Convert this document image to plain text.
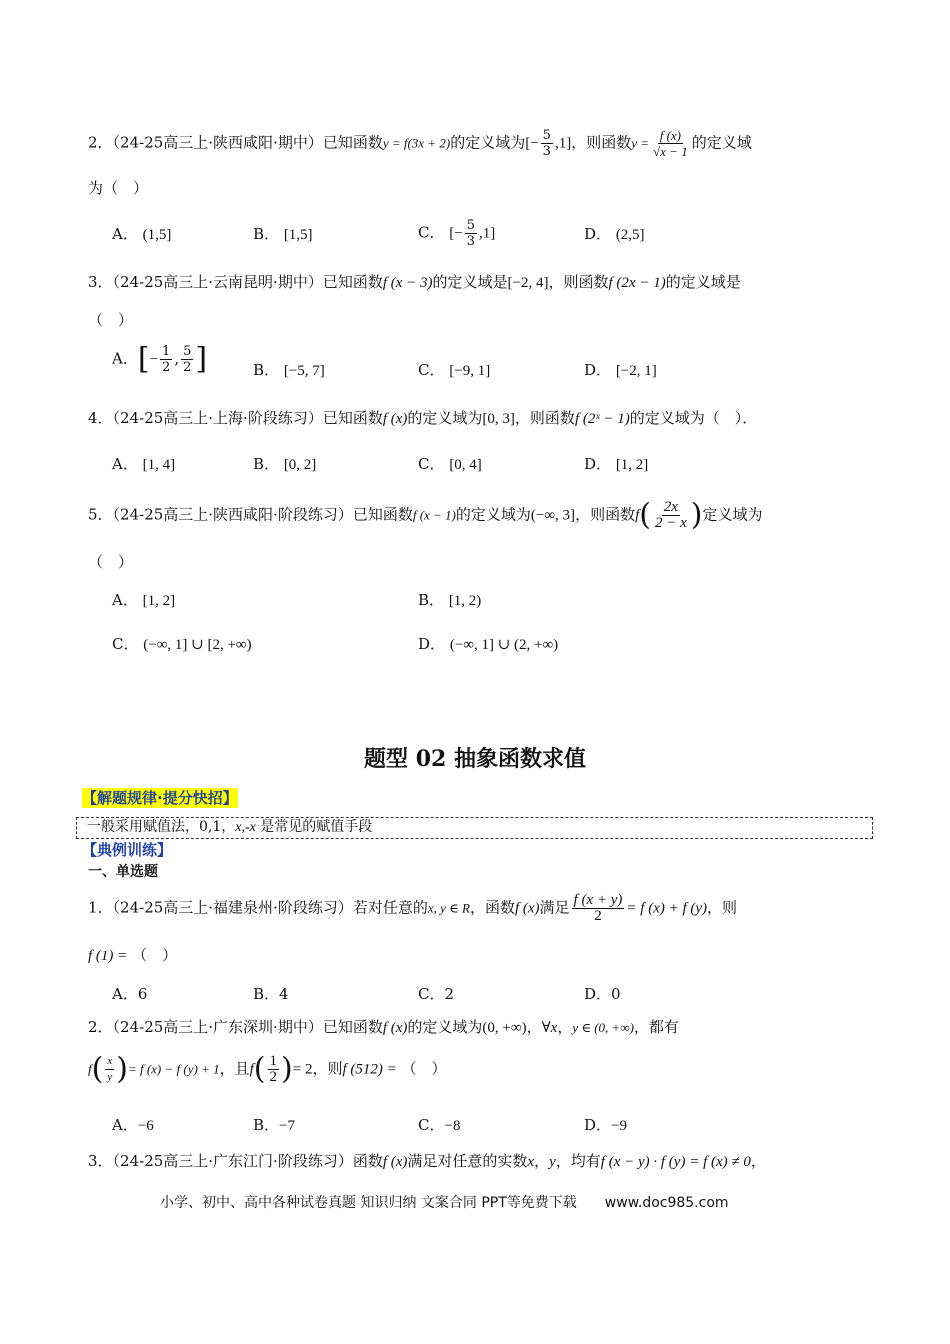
2．（24-25高三上·陕西咸阳·期中）已知函数y = f(3x + 2)的定义域为[− $\frac{5}{3} ,1$]，则函数$y = \frac{f (x)}{√x - 1}$ 的定义域
为（　）
A． (1,5]	B． [1,5]	C． [− $\frac{5}{3} ,1$]	D． (2,5]
3．（24-25高三上·云南昆明·期中）已知函数f (x − 3)的定义域是[−2, 4]，则函数f (2x − 1)的定义域是
（　）
A．[− $\frac{1}{2}$ , $\frac{5}{2}$ ]	B． [−5, 7]	C． [−9, 1]	D． [−2, 1]
4．（24-25高三上·上海·阶段练习）已知函数f (x)的定义域为[0, 3]，则函数f (2ˣ − 1)的定义域为（　）．
A． [1, 4]	B． [0, 2]	C． [0, 4]	D． [1, 2]
5．（24-25高三上·陕西咸阳·阶段练习）已知函数f (x − 1)的定义域为(−∞, 3]，则函数$f( \frac{2x}{2 - x}$ )定义域为
（　）
A． [1, 2]	B． [1, 2)
C． (−∞, 1] ∪ [2, +∞)	D． (−∞, 1] ∪ (2, +∞)
题型 02 抽象函数求值
【解题规律·提分快招】
一般采用赋值法，0,1，x,-x 是常见的赋值手段
【典例训练】
一、单选题
1．（24-25高三上·福建泉州·阶段练习）若对任意的x, y ∈ R，函数f (x)满足 $\frac{f (x + y)}{2} = f$ (x) + f (y)，则
f (1) = （　）
A．6	B．4	C．2	D．0
2．（24-25高三上·广东深圳·期中）已知函数f (x)的定义域为(0, +∞)，∀x，y ∈ (0, +∞)，都有
$f( \frac{x}{y}$ )= f (x) − f (y) + 1，且$f( \frac{1}{2}$ )= 2，则f (512) = （　）
A．−6	B．−7	C．−8	D．−9
3．（24-25高三上·广东江门·阶段练习）函数f (x)满足对任意的实数x，y，均有f (x − y) · f (y) = f (x) ≠ 0，
小学、初中、高中各种试卷真题 知识归纳 文案合同 PPT等免费下载 www.doc985.com
